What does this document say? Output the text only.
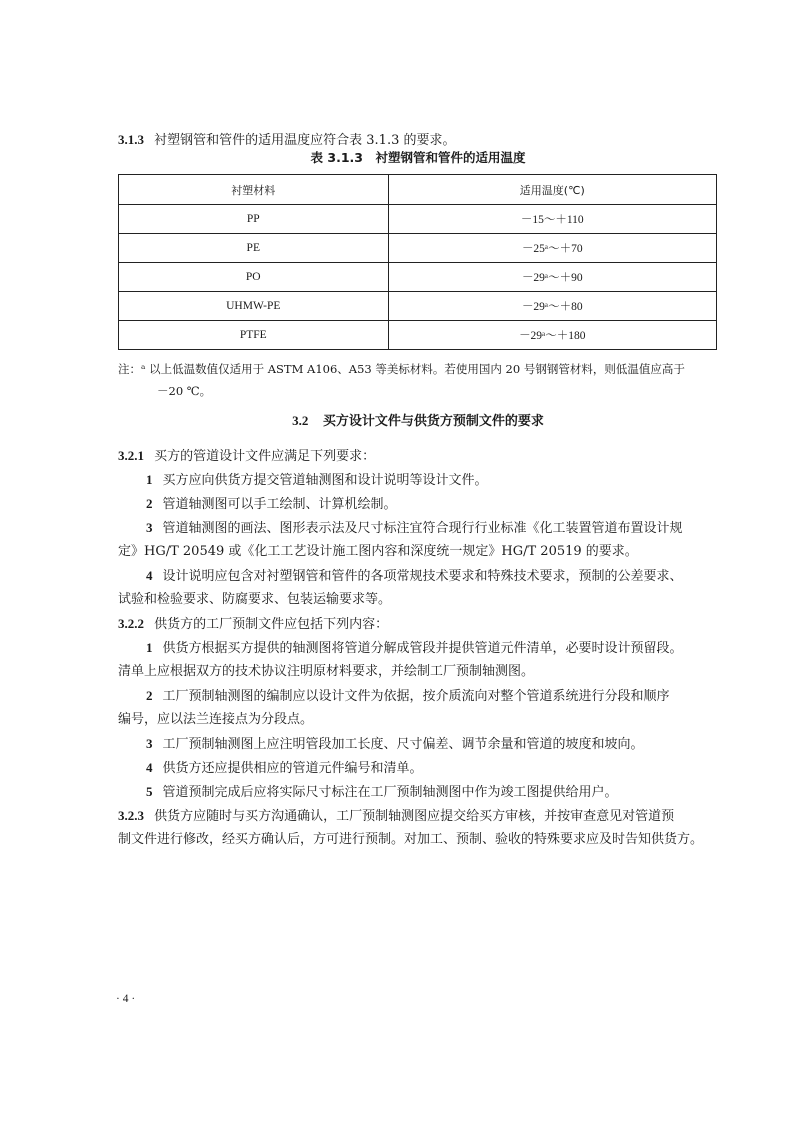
3.1.3 衬塑钢管和管件的适用温度应符合表 3.1.3 的要求。
表 3.1.3　衬塑钢管和管件的适用温度
衬塑材料	适用温度(℃)
PP	－15～＋110
PE	－25ᵃ～＋70
PO	－29ᵃ～＋90
UHMW-PE	－29ᵃ～＋80
PTFE	－29ᵃ～＋180
注：ᵃ 以上低温数值仅适用于 ASTM A106、A53 等美标材料。若使用国内 20 号钢钢管材料，则低温值应高于
－20 ℃。
3.2 买方设计文件与供货方预制文件的要求
3.2.1 买方的管道设计文件应满足下列要求：
1 买方应向供货方提交管道轴测图和设计说明等设计文件。
2 管道轴测图可以手工绘制、计算机绘制。
3 管道轴测图的画法、图形表示法及尺寸标注宜符合现行行业标准《化工装置管道布置设计规
定》HG/T 20549 或《化工工艺设计施工图内容和深度统一规定》HG/T 20519 的要求。
4 设计说明应包含对衬塑钢管和管件的各项常规技术要求和特殊技术要求，预制的公差要求、
试验和检验要求、防腐要求、包装运输要求等。
3.2.2 供货方的工厂预制文件应包括下列内容：
1 供货方根据买方提供的轴测图将管道分解成管段并提供管道元件清单，必要时设计预留段。
清单上应根据双方的技术协议注明原材料要求，并绘制工厂预制轴测图。
2 工厂预制轴测图的编制应以设计文件为依据，按介质流向对整个管道系统进行分段和顺序
编号，应以法兰连接点为分段点。
3 工厂预制轴测图上应注明管段加工长度、尺寸偏差、调节余量和管道的坡度和坡向。
4 供货方还应提供相应的管道元件编号和清单。
5 管道预制完成后应将实际尺寸标注在工厂预制轴测图中作为竣工图提供给用户。
3.2.3 供货方应随时与买方沟通确认，工厂预制轴测图应提交给买方审核，并按审查意见对管道预
制文件进行修改，经买方确认后，方可进行预制。对加工、预制、验收的特殊要求应及时告知供货方。
· 4 ·
